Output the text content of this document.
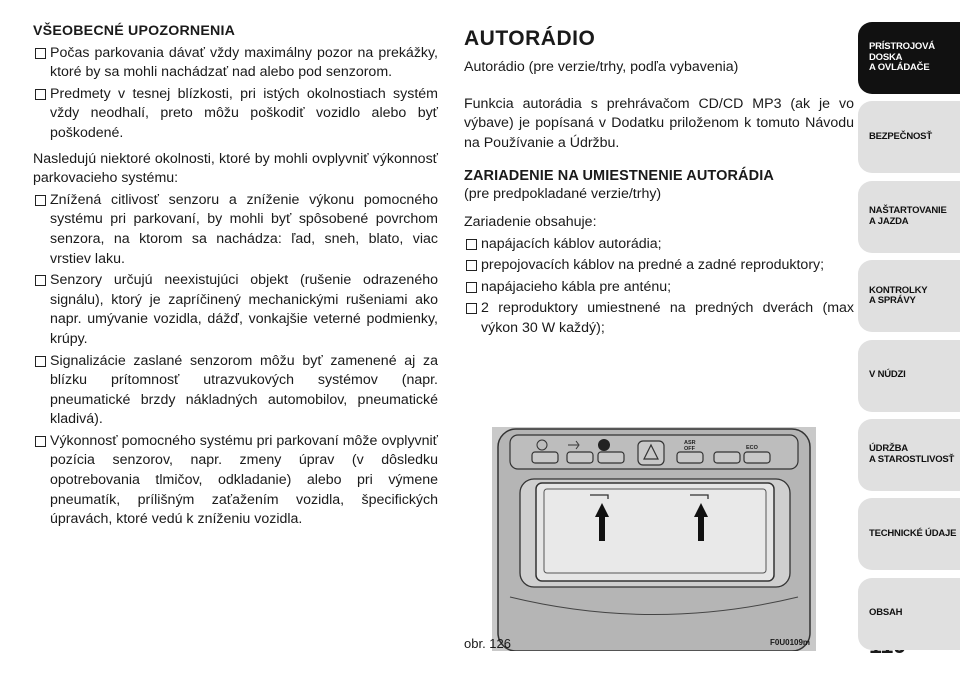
VŠEOBECNÉ UPOZORNENIA
Počas parkovania dávať vždy maximálny pozor na prekážky, ktoré by sa mohli nachádzať nad alebo pod senzorom.
Predmety v tesnej blízkosti, pri istých okolnostiach systém vždy neodhalí, preto môžu poškodiť vozidlo alebo byť poškodené.
Nasledujú niektoré okolnosti, ktoré by mohli ovplyvniť výkonnosť parkovacieho systému:
Znížená citlivosť senzoru a zníženie výkonu pomocného systému pri parkovaní, by mohli byť spôsobené povrchom senzora, na ktorom sa nachádza: ľad, sneh, blato, viac vrstiev laku.
Senzory určujú neexistujúci objekt (rušenie odrazeného signálu), ktorý je zapríčinený mechanickými rušeniami ako napr. umývanie vozidla, dážď, vonkajšie veterné podmienky, krúpy.
Signalizácie zaslané senzorom môžu byť zamenené aj za blízku prítomnosť utrazvukových systémov (napr. pneumatické brzdy nákladných automobilov, pneumatické kladivá).
Výkonnosť pomocného systému pri parkovaní môže ovplyvniť pozícia senzorov, napr. zmeny úprav (v dôsledku opotrebovania tlmičov, odkladanie) alebo pri výmene pneumatík, prílišným zaťažením vozidla, špecifických úpravách, ktoré vedú k zníženiu vozidla.
AUTORÁDIO
Autorádio (pre verzie/trhy, podľa vybavenia)
Funkcia autorádia s prehrávačom CD/CD MP3 (ak je vo výbave) je popísaná v Dodatku priloženom k tomuto Návodu na Používanie a Údržbu.
ZARIADENIE NA UMIESTNENIE AUTORÁDIA
(pre predpokladané verzie/trhy)
Zariadenie obsahuje:
napájacích káblov autorádia;
prepojovacích káblov na predné a zadné reproduktory;
napájacieho kábla pre anténu;
2 reproduktory umiestnené na predných dverách (max výkon 30 W každý);
ASR
OFF	ECO
obr. 126	F0U0109m
PRÍSTROJOVÁ
DOSKA
A OVLÁDAČE
BEZPEČNOSŤ
NAŠTARTOVANIE
A JAZDA
KONTROLKY
A SPRÁVY
V NÚDZI
ÚDRŽBA
A STAROSTLIVOSŤ
TECHNICKÉ ÚDAJE
OBSAH
